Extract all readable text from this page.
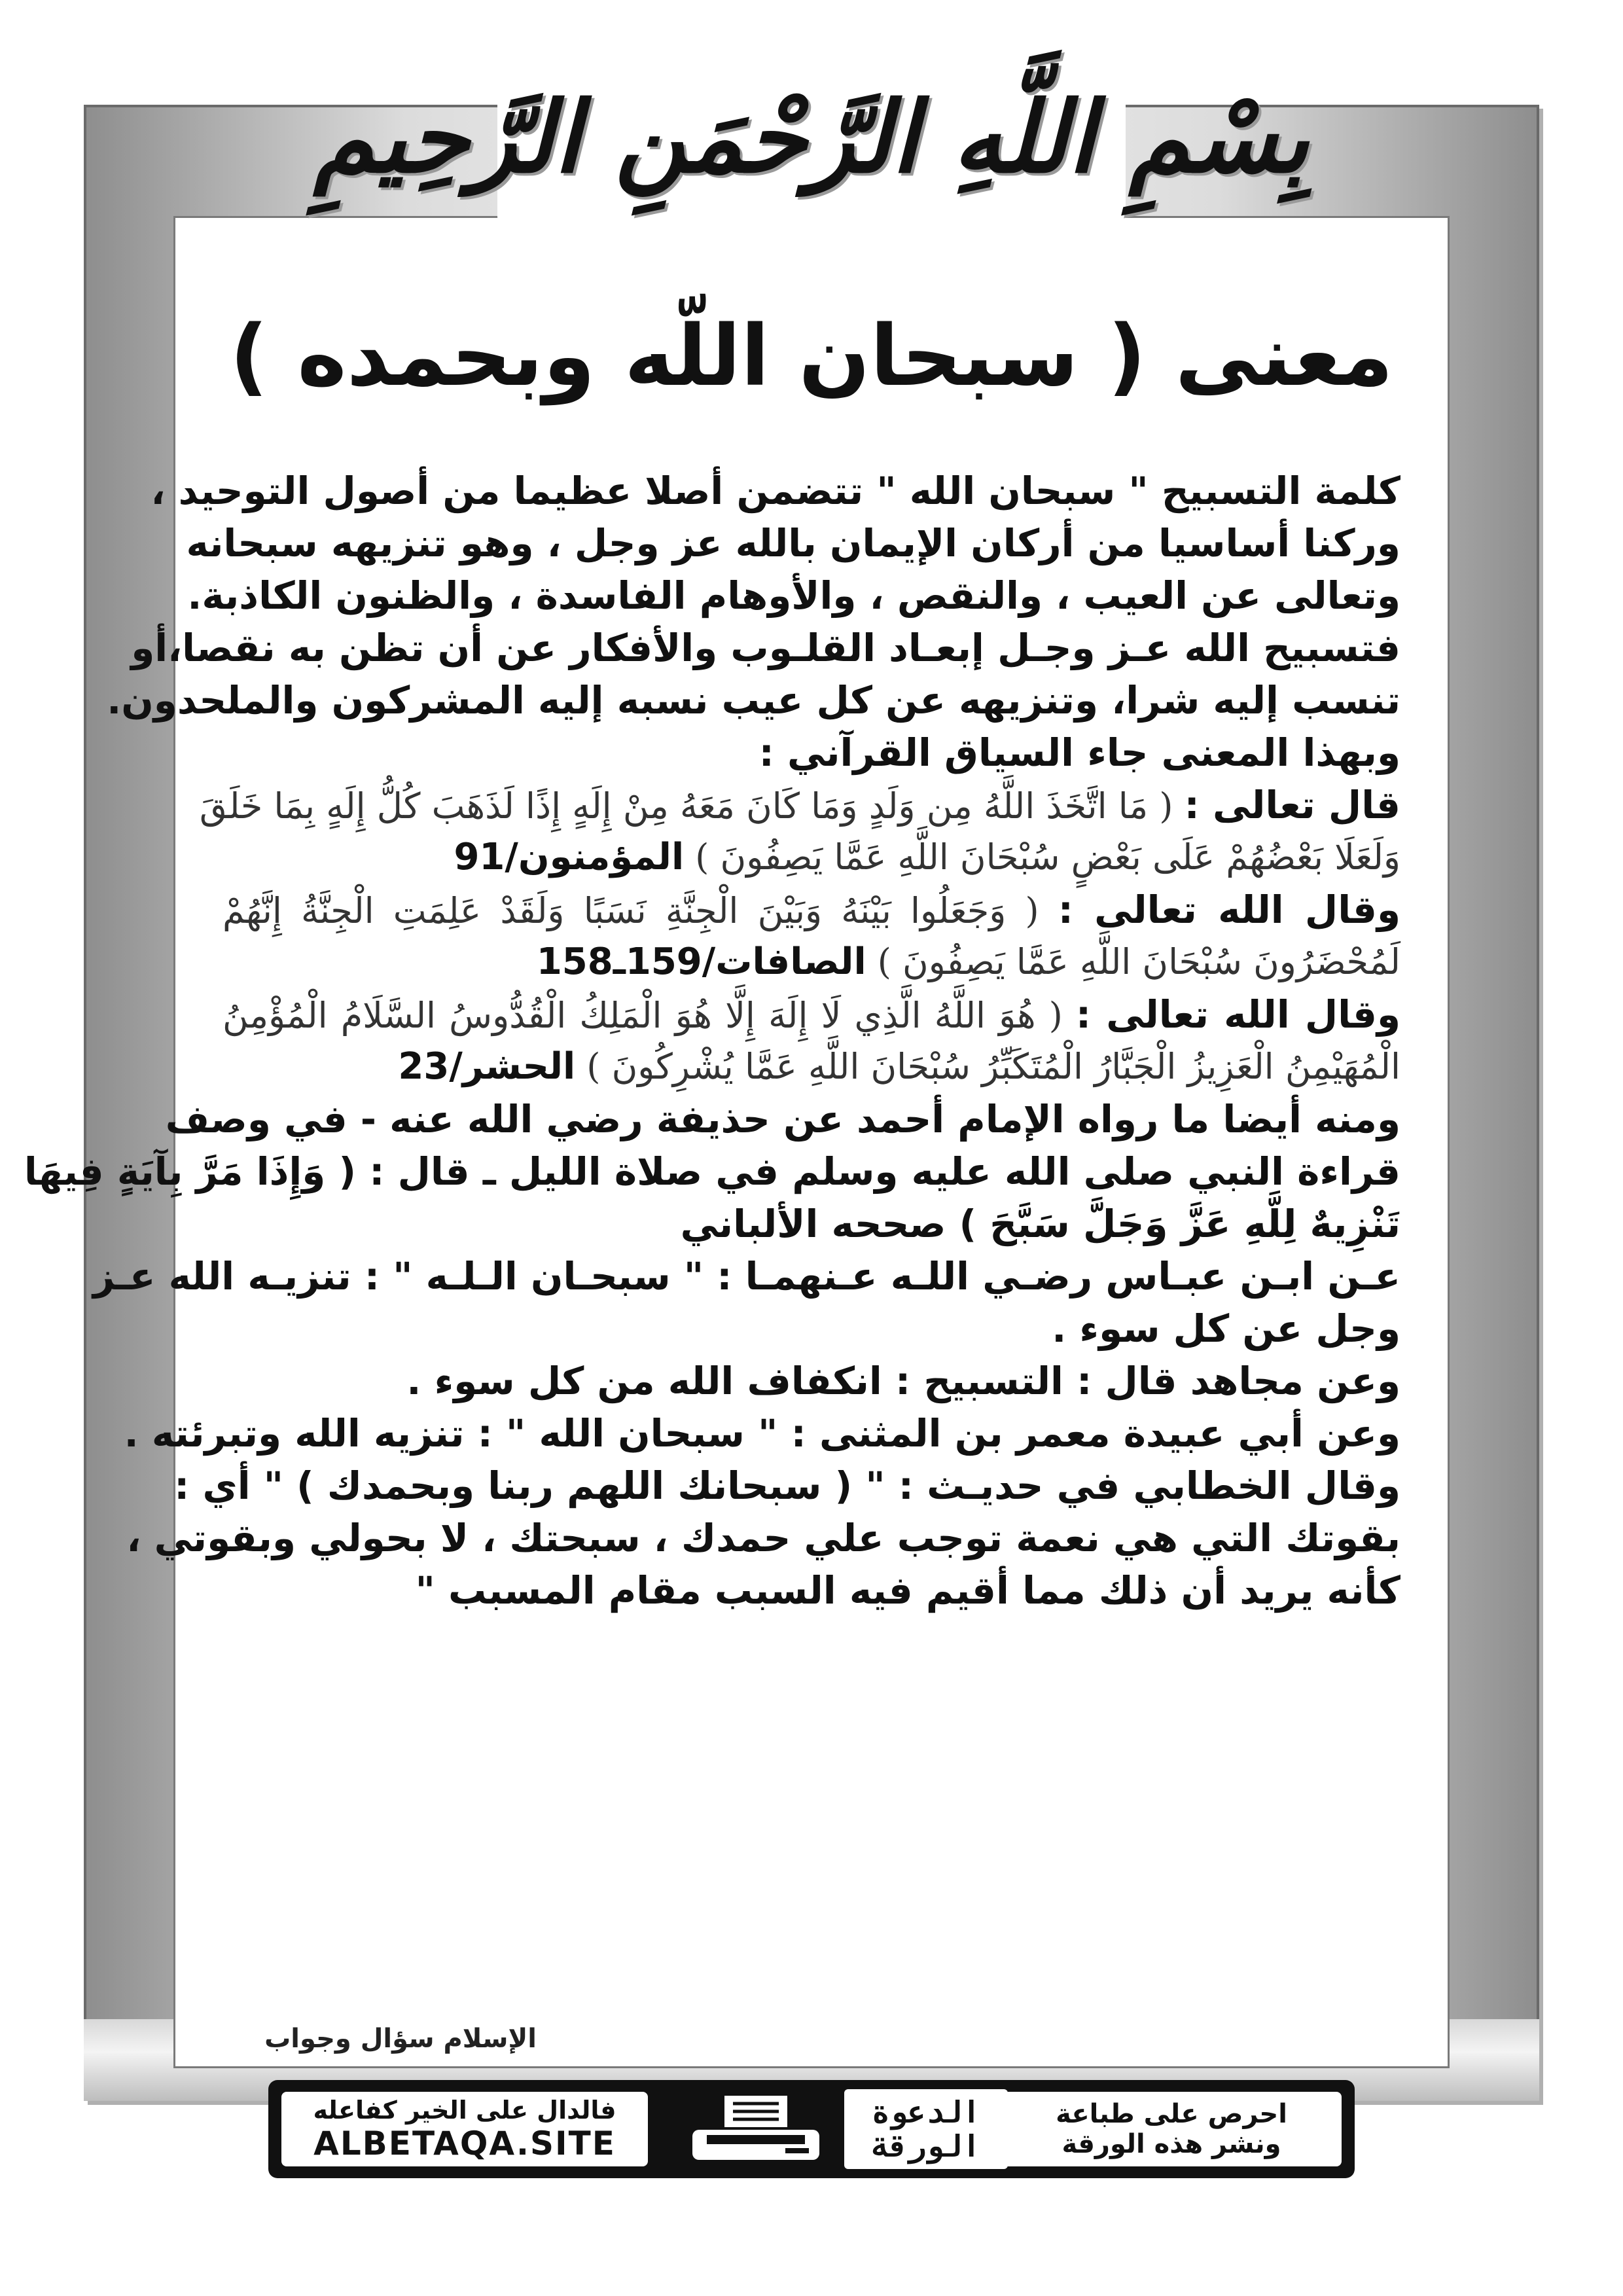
بِسْمِ اللَّهِ الرَّحْمَنِ الرَّحِيمِ
معنى ( سبحان اللّه وبحمده )
كلمة التسبيح " سبحان الله " تتضمن أصلا عظيما من أصول التوحيد ،
وركنا أساسيا من أركان الإيمان بالله عز وجل ، وهو تنزيهه سبحانه
وتعالى عن العيب ، والنقص ، والأوهام الفاسدة ، والظنون الكاذبة.
فتسبيح الله عـز وجـل إبعـاد القلـوب والأفكار عن أن تظن به نقصا،أو
تنسب إليه شرا، وتنزيهه عن كل عيب نسبه إليه المشركون والملحدون.
وبهذا المعنى جاء السياق القرآني :
قال تعالى : ( مَا اتَّخَذَ اللَّهُ مِن وَلَدٍ وَمَا كَانَ مَعَهُ مِنْ إِلَهٍ إِذًا لَذَهَبَ كُلُّ إِلَهٍ بِمَا خَلَقَ
وَلَعَلَا بَعْضُهُمْ عَلَى بَعْضٍ سُبْحَانَ اللَّهِ عَمَّا يَصِفُونَ ) المؤمنون/91
وقال الله تعالى : ( وَجَعَلُوا بَيْنَهُ وَبَيْنَ الْجِنَّةِ نَسَبًا وَلَقَدْ عَلِمَتِ الْجِنَّةُ إِنَّهُمْ
لَمُحْضَرُونَ سُبْحَانَ اللَّهِ عَمَّا يَصِفُونَ ) الصافات/159ـ158
وقال الله تعالى : ( هُوَ اللَّهُ الَّذِي لَا إِلَهَ إِلَّا هُوَ الْمَلِكُ الْقُدُّوسُ السَّلَامُ الْمُؤْمِنُ
الْمُهَيْمِنُ الْعَزِيزُ الْجَبَّارُ الْمُتَكَبِّرُ سُبْحَانَ اللَّهِ عَمَّا يُشْرِكُونَ ) الحشر/23
ومنه أيضا ما رواه الإمام أحمد عن حذيفة رضي الله عنه - في وصف
قراءة النبي صلى الله عليه وسلم في صلاة الليل ـ قال : ( وَإِذَا مَرَّ بِآيَةٍ فِيهَا
تَنْزِيهٌ لِلَّهِ عَزَّ وَجَلَّ سَبَّحَ ) صححه الألباني
عـن ابـن عبـاس رضـي اللـه عـنهمـا : " سبحـان الـلـه " : تنزيـه الله عـز
وجل عن كل سوء .
وعن مجاهد قال : التسبيح : انكفاف الله من كل سوء .
وعن أبي عبيدة معمر بن المثنى : " سبحان الله " : تنزيه الله وتبرئته .
وقال الخطابي في حديـث : " ( سبحانك اللهم ربنا وبحمدك ) " أي :
بقوتك التي هي نعمة توجب علي حمدك ، سبحتك ، لا بحولي وبقوتي ،
كأنه يريد أن ذلك مما أقيم فيه السبب مقام المسبب "
الإسلام سؤال وجواب
فالدال على الخير كفاعله
ALBETAQA.SITE
الدعوة
الورقة
احرص على طباعة
ونشر هذه الورقة
